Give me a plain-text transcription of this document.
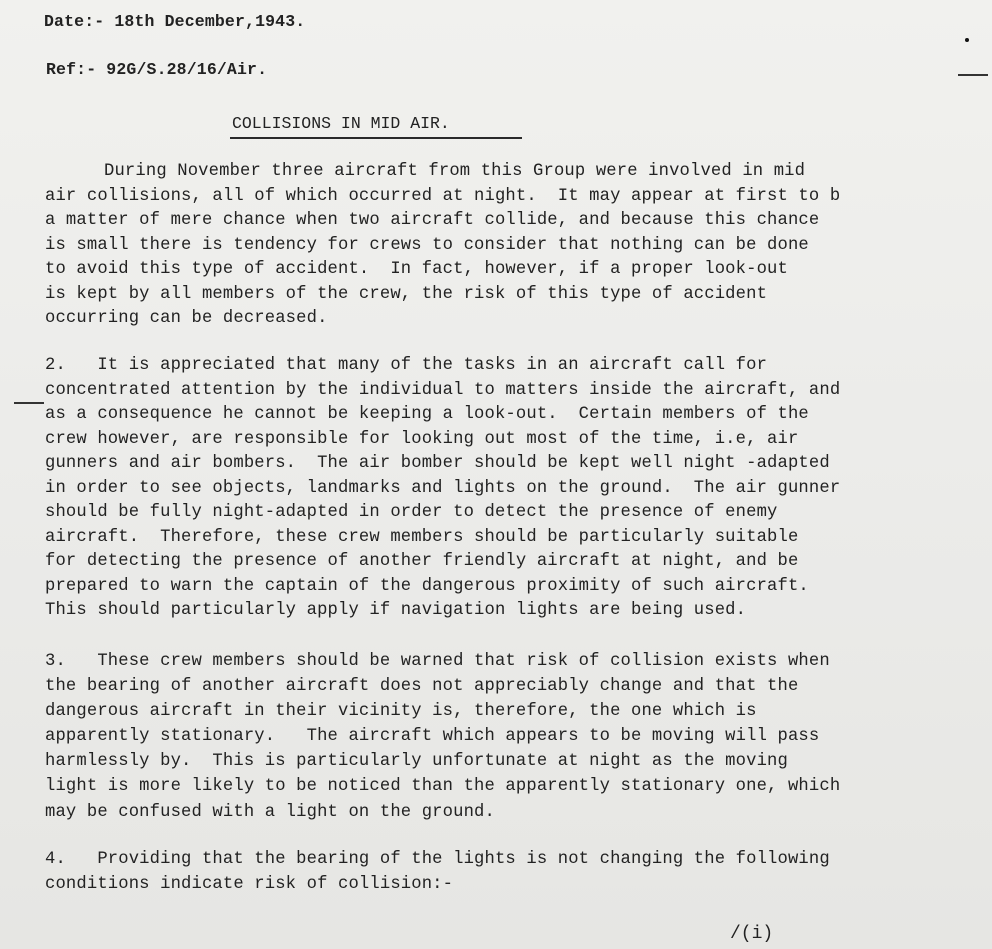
Date:- 18th December,1943.
Ref:- 92G/S.28/16/Air.
COLLISIONS IN MID AIR.
During November three aircraft from this Group were involved in mid
air collisions, all of which occurred at night.  It may appear at first to b
a matter of mere chance when two aircraft collide, and because this chance
is small there is tendency for crews to consider that nothing can be done
to avoid this type of accident.  In fact, however, if a proper look-out
is kept by all members of the crew, the risk of this type of accident
occurring can be decreased.
2.   It is appreciated that many of the tasks in an aircraft call for
concentrated attention by the individual to matters inside the aircraft, and
as a consequence he cannot be keeping a look-out.  Certain members of the
crew however, are responsible for looking out most of the time, i.e, air
gunners and air bombers.  The air bomber should be kept well night -adapted
in order to see objects, landmarks and lights on the ground.  The air gunner
should be fully night-adapted in order to detect the presence of enemy
aircraft.  Therefore, these crew members should be particularly suitable
for detecting the presence of another friendly aircraft at night, and be
prepared to warn the captain of the dangerous proximity of such aircraft.
This should particularly apply if navigation lights are being used.
3.   These crew members should be warned that risk of collision exists when
the bearing of another aircraft does not appreciably change and that the
dangerous aircraft in their vicinity is, therefore, the one which is
apparently stationary.   The aircraft which appears to be moving will pass
harmlessly by.  This is particularly unfortunate at night as the moving
light is more likely to be noticed than the apparently stationary one, which
may be confused with a light on the ground.
4.   Providing that the bearing of the lights is not changing the following
conditions indicate risk of collision:-
/(i)
